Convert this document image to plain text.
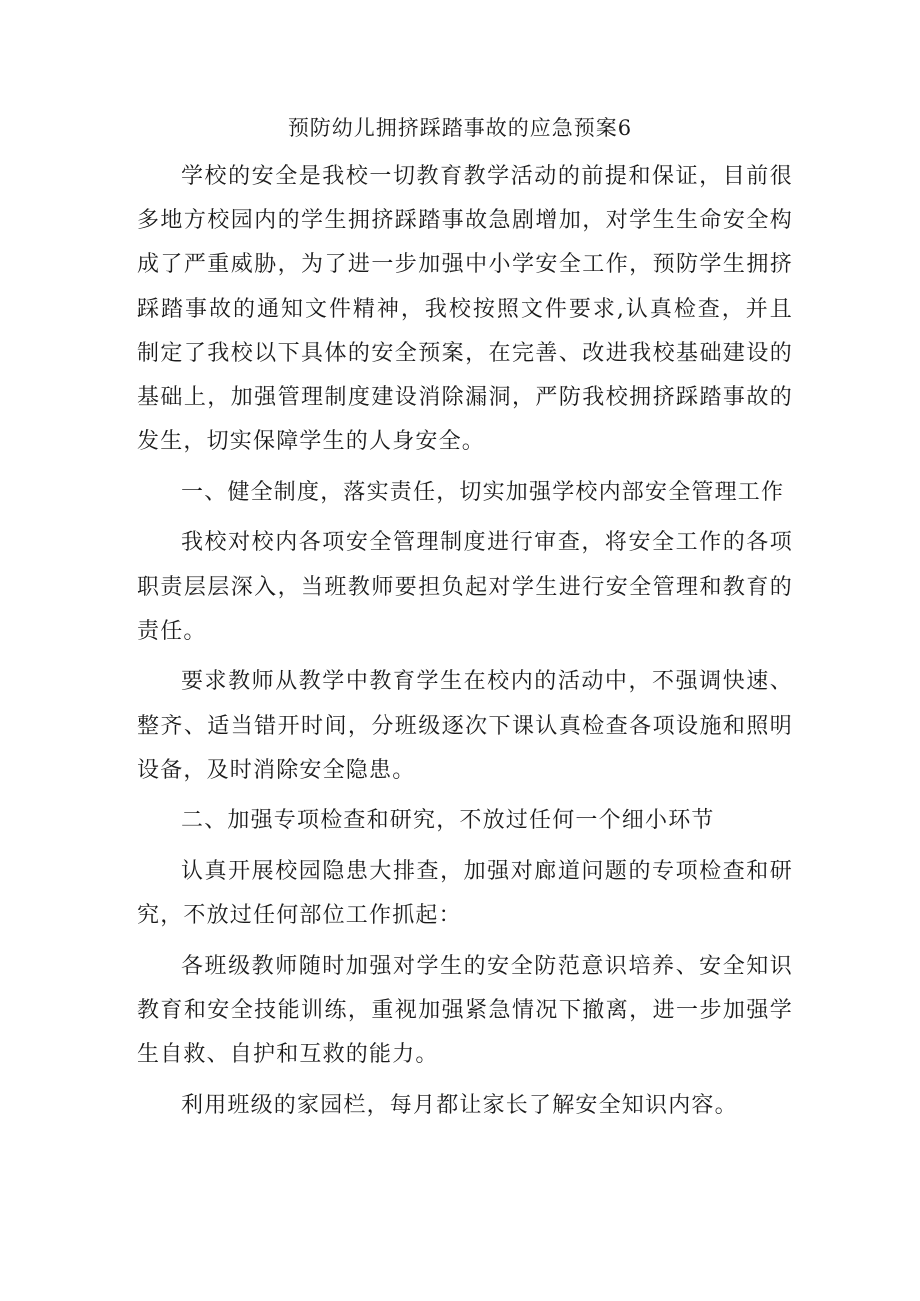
预防幼儿拥挤踩踏事故的应急预案6

学校的安全是我校一切教育教学活动的前提和保证，目前很多地方校园内的学生拥挤踩踏事故急剧增加，对学生生命安全构成了严重威胁，为了进一步加强中小学安全工作，预防学生拥挤踩踏事故的通知文件精神，我校按照文件要求,认真检查，并且制定了我校以下具体的安全预案，在完善、改进我校基础建设的基础上，加强管理制度建设消除漏洞，严防我校拥挤踩踏事故的发生，切实保障学生的人身安全。

一、健全制度，落实责任，切实加强学校内部安全管理工作

我校对校内各项安全管理制度进行审查，将安全工作的各项职责层层深入，当班教师要担负起对学生进行安全管理和教育的责任。

要求教师从教学中教育学生在校内的活动中，不强调快速、整齐、适当错开时间，分班级逐次下课认真检查各项设施和照明设备，及时消除安全隐患。

二、加强专项检查和研究，不放过任何一个细小环节

认真开展校园隐患大排查，加强对廊道问题的专项检查和研究，不放过任何部位工作抓起：

各班级教师随时加强对学生的安全防范意识培养、安全知识教育和安全技能训练，重视加强紧急情况下撤离，进一步加强学生自救、自护和互救的能力。

利用班级的家园栏，每月都让家长了解安全知识内容。
